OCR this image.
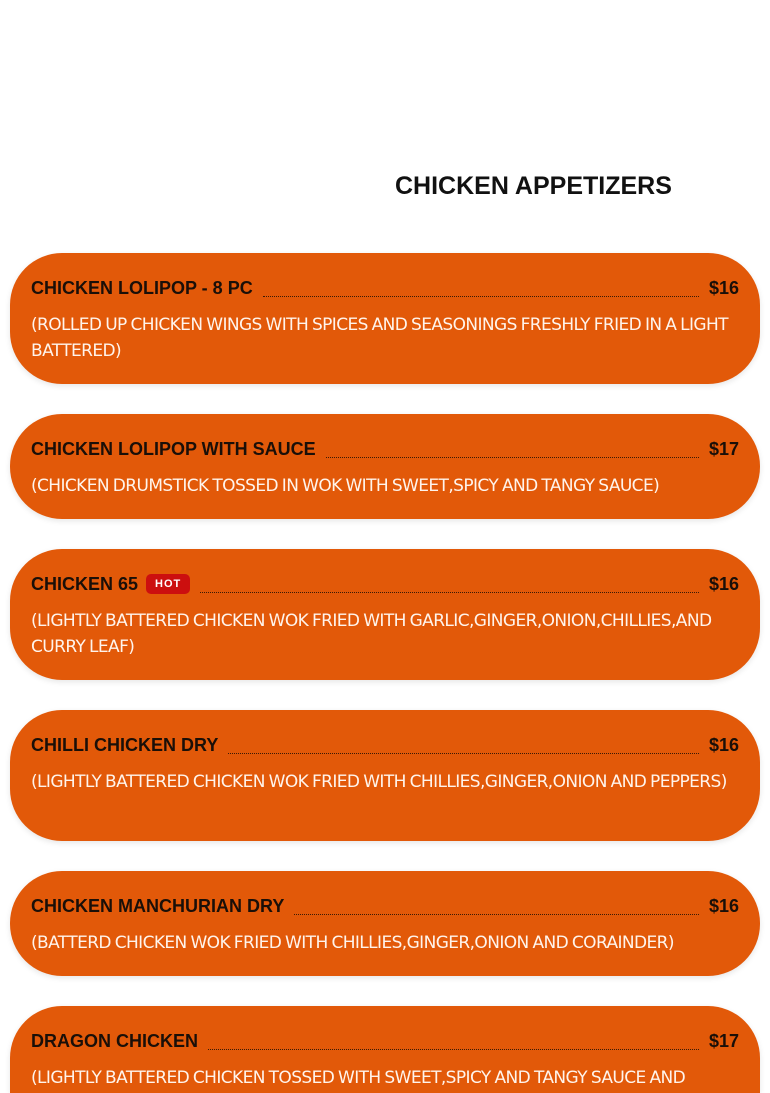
CHICKEN APPETIZERS
CHICKEN LOLIPOP - 8 PC	$16
(ROLLED UP CHICKEN WINGS WITH SPICES AND SEASONINGS FRESHLY FRIED IN A LIGHT BATTERED)
CHICKEN LOLIPOP WITH SAUCE	$17
(CHICKEN DRUMSTICK TOSSED IN WOK WITH SWEET,SPICY AND TANGY SAUCE)
CHICKEN 65	HOT	$16
(LIGHTLY BATTERED CHICKEN WOK FRIED WITH GARLIC,GINGER,ONION,CHILLIES,AND CURRY LEAF)
CHILLI CHICKEN DRY	$16
(LIGHTLY BATTERED CHICKEN WOK FRIED WITH CHILLIES,GINGER,ONION AND PEPPERS)
CHICKEN MANCHURIAN DRY	$16
(BATTERD CHICKEN WOK FRIED WITH CHILLIES,GINGER,ONION AND CORAINDER)
DRAGON CHICKEN	$17
(LIGHTLY BATTERED CHICKEN TOSSED WITH SWEET,SPICY AND TANGY SAUCE AND
